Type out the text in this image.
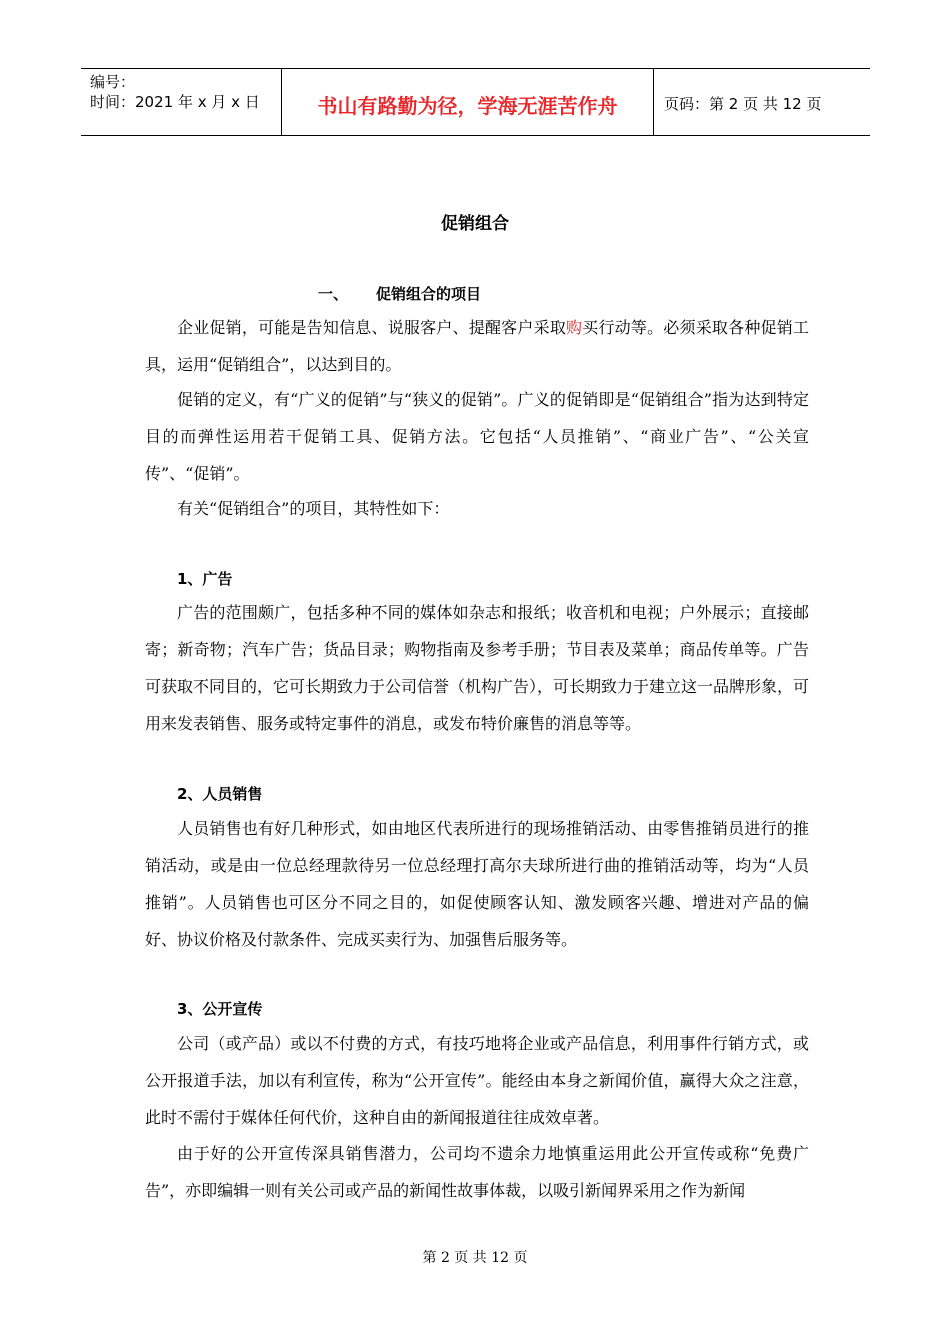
编号：
时间：2021 年 x 月 x 日	书山有路勤为径，学海无涯苦作舟	页码：第 2 页 共 12 页
促销组合
一、 促销组合的项目

企业促销，可能是告知信息、说服客户、提醒客户采取购买行动等。必须采取各种促销工具，运用“促销组合”，以达到目的。

促销的定义，有“广义的促销”与“狭义的促销”。广义的促销即是“促销组合”指为达到特定目的而弹性运用若干促销工具、促销方法。它包括“人员推销”、“商业广告”、“公关宣传”、“促销”。

有关“促销组合”的项目，其特性如下：

1、广告

广告的范围颇广，包括多种不同的媒体如杂志和报纸；收音机和电视；户外展示；直接邮寄；新奇物；汽车广告；货品目录；购物指南及参考手册；节目表及菜单；商品传单等。广告可获取不同目的，它可长期致力于公司信誉（机构广告），可长期致力于建立这一品牌形象，可用来发表销售、服务或特定事件的消息，或发布特价廉售的消息等等。

2、人员销售

人员销售也有好几种形式，如由地区代表所进行的现场推销活动、由零售推销员进行的推销活动，或是由一位总经理款待另一位总经理打高尔夫球所进行曲的推销活动等，均为“人员推销”。人员销售也可区分不同之目的，如促使顾客认知、激发顾客兴趣、增进对产品的偏好、协议价格及付款条件、完成买卖行为、加强售后服务等。

3、公开宣传

公司（或产品）或以不付费的方式，有技巧地将企业或产品信息，利用事件行销方式，或公开报道手法，加以有利宣传，称为“公开宣传”。能经由本身之新闻价值，赢得大众之注意，此时不需付于媒体任何代价，这种自由的新闻报道往往成效卓著。

由于好的公开宣传深具销售潜力，公司均不遗余力地慎重运用此公开宣传或称“免费广告”，亦即编辑一则有关公司或产品的新闻性故事体裁，以吸引新闻界采用之作为新闻

第 2 页 共 12 页
